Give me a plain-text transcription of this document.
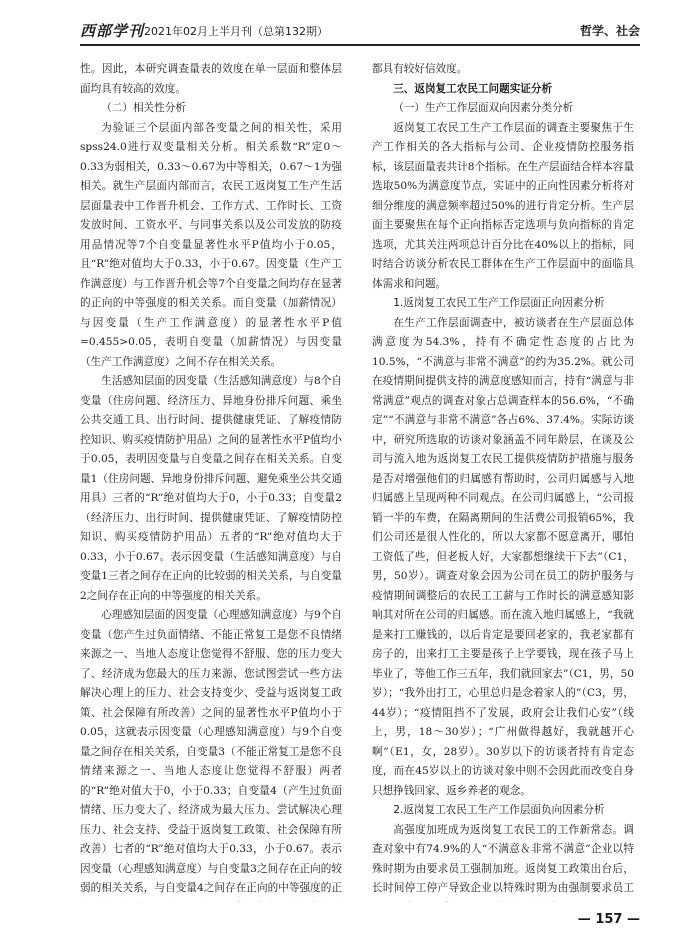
西部学刊 2021年02月上半月刊（总第132期）	哲学、社会

性。因此，本研究调查量表的效度在单一层面和整体层面均具有较高的效度。

（二）相关性分析

为验证三个层面内部各变量之间的相关性，采用spss24.0进行双变量相关分析。相关系数“R”定0～0.33为弱相关，0.33～0.67为中等相关，0.67～1为强相关。就生产层面内部而言，农民工返岗复工生产生活层面量表中工作晋升机会、工作方式、工作时长、工资发放时间、工资水平、与同事关系以及公司发放的防疫用品情况等7个自变量显著性水平P值均小于0.05，且“R”绝对值均大于0.33，小于0.67。因变量（生产工作满意度）与工作晋升机会等7个自变量之间均存在显著的正向的中等强度的相关关系。而自变量（加薪情况）与因变量（生产工作满意度）的显著性水平P值=0.455>0.05，表明自变量（加薪情况）与因变量（生产工作满意度）之间不存在相关关系。

生活感知层面的因变量（生活感知满意度）与8个自变量（住房问题、经济压力、异地身份排斥问题、乘坐公共交通工具、出行时间、提供健康凭证、了解疫情防控知识、购买疫情防护用品）之间的显著性水平P值均小于0.05，表明因变量与自变量之间存在相关关系。自变量1（住房问题、异地身份排斥问题、避免乘坐公共交通用具）三者的“R”绝对值均大于0，小于0.33；自变量2（经济压力、出行时间、提供健康凭证、了解疫情防控知识、购买疫情防护用品）五者的“R”绝对值均大于0.33，小于0.67。表示因变量（生活感知满意度）与自变量1三者之间存在正向的比较弱的相关关系，与自变量2之间存在正向的中等强度的相关关系。

心理感知层面的因变量（心理感知满意度）与9个自变量（您产生过负面情绪、不能正常复工是您不良情绪来源之一、当地人态度让您觉得不舒服、您的压力变大了、经济成为您最大的压力来源、您试图尝试一些方法解决心理上的压力、社会支持变少、受益与返岗复工政策、社会保障有所改善）之间的显著性水平P值均小于0.05，这就表示因变量（心理感知满意度）与9个自变量之间存在相关关系，自变量3（不能正常复工是您不良情绪来源之一、当地人态度让您觉得不舒服）两者的“R”绝对值大于0，小于0.33；自变量4（产生过负面情绪、压力变大了、经济成为最大压力、尝试解决心理压力、社会支持、受益于返岗复工政策、社会保障有所改善）七者的“R”绝对值均大于0.33，小于0.67。表示因变量（心理感知满意度）与自变量3之间存在正向的较弱的相关关系，与自变量4之间存在正向的中等强度的正

都具有较好信效度。

三、返岗复工农民工问题实证分析
（一）生产工作层面双向因素分类分析

返岗复工农民工生产工作层面的调查主要聚焦于生产工作相关的各大指标与公司、企业疫情防控服务指标，该层面量表共计8个指标。在生产层面结合样本容量选取50%为满意度节点，实证中的正向性因素分析将对细分维度的满意频率超过50%的进行肯定分析。生产层面主要聚焦在每个正向指标否定选项与负向指标的肯定选项，尤其关注两项总计百分比在40%以上的指标，同时结合访谈分析农民工群体在生产工作层面中的面临具体需求和问题。

1.返岗复工农民工生产工作层面正向因素分析

在生产工作层面调查中，被访谈者在生产层面总体满意度为54.3%，持有不确定性态度的占比为10.5%，“不满意与非常不满意”的约为35.2%。就公司在疫情期间提供支持的满意度感知而言，持有“满意与非常满意”观点的调查对象占总调查样本的56.6%，“不确定”“不满意与非常不满意”各占6%、37.4%。实际访谈中，研究所选取的访谈对象涵盖不同年龄层，在谈及公司与流入地为返岗复工农民工提供疫情防护措施与服务是否对增强他们的归属感有帮助时，公司归属感与入地归属感上呈现两种不同观点。在公司归属感上，“公司报销一半的车费，在隔离期间的生活费公司报销65%，我们公司还是很人性化的，所以大家都不愿意离开，哪怕工资低了些，但老板人好，大家都想继续干下去”（C1，男，50岁）。调查对象会因为公司在员工的防护服务与疫情期间调整后的农民工工薪与工作时长的满意感知影响其对所在公司的归属感。而在流入地归属感上，“我就是来打工赚钱的，以后肯定是要回老家的，我老家都有房子的，出来打工主要是孩子上学要钱，现在孩子马上毕业了，等他工作三五年，我们就回家去”（C1，男，50岁）；“我外出打工，心里总归是念着家人的”（C3，男，44岁）；“疫情阻挡不了发展，政府会让我们心安”（线上，男，18～30岁）；“广州做得越好，我就越开心啊”（E1，女，28岁）。30岁以下的访谈者持有肯定态度，而在45岁以上的访谈对象中则不会因此而改变自身只想挣钱回家、返乡养老的观念。

2.返岗复工农民工生产工作层面负向因素分析

高强度加班成为返岗复工农民工的工作新常态。调查对象中有74.9%的人“不满意＆非常不满意”企业以特殊时期为由要求员工强制加班。返岗复工政策出台后，长时间停工停产导致企业以特殊时期为由强制要求员工

— 157 —
